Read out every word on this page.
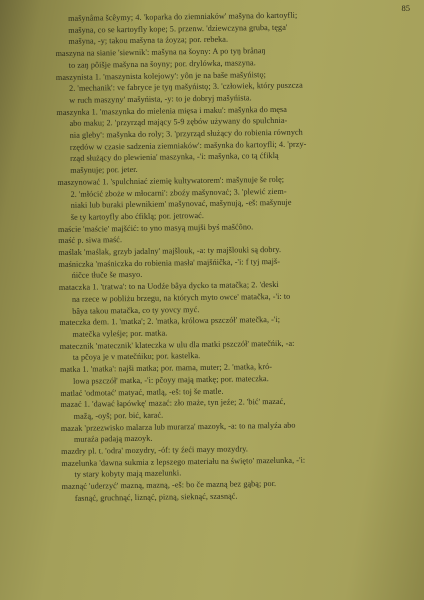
85
mašynåma šcêymy; 4. 'koparka do ziemniaków' mašyna do kartoyfli;
mašyna, co se kartoyfly kope; 5. przenw. 'dziewczyna gruba, tęga'
mašyna, -y; takou mašyna ta źoyza; por. rebeka.
maszyna na sianie 'siewnik': mašyna na šoyny: A po tyŋ brånaŋ
to zaŋ pôišje mašyna na šoyny; por. drylówka, maszyna.
maszynista 1. 'maszynista kolejowy': yôn je na baše mašyńistǫ;
2. 'mechanik': ve fabryce je tyŋ mašyńistǫ; 3. 'człowiek, który puszcza
w ruch maszyny' mašyńista, -y: to je dobryj mašyńista.
maszynka 1. 'maszynka do mielenia mięsa i maku': mašynka do męsa
abo maku; 2. 'przyrząd mający 5-9 zębów używany do spulchnia-
nia gleby': mašynka do roly; 3. 'przyrząd służący do robienia równych
rzędów w czasie sadzenia ziemniaków': mašynka do kartoyfli; 4. 'przy-
rząd służący do plewienia' maszynka, -'i: mašynka, co tą ćfiklą
mašynuje; por. jeter.
maszynować 1. 'spulchniać ziemię kultywatorem': mašynuje še rolę;
2. 'młócić zboże w młocarni': zboźy mašynovać; 3. 'plewić ziem-
niaki lub buraki plewnikiem' mašynovać, mašynują, -eš: mašynuje
še ty kartoyfly abo ćfiklą; por. jetrować.
maście 'maście' majšćić: to yno masyą mujši byś mašćôno.
maść p. siwa maść.
maślak 'maślak, grzyb jadalny' majšlouk, -a: ty majšlouki są dobry.
maśniczka 'maśniczka do robienia masła' majšńička, -'i: f tyj majš-
ńičce tłuče še masyo.
mataczka 1. 'tratwa': to na Uodźe bâya dycko ta matačka; 2. 'deski
na rzece w pobliżu brzegu, na których myto owce' matačka, -'i: to
bâya takou matačka, co ty yovcy myć.
mateczka dem. 1. 'matka'; 2. 'matka, królowa pszczół' matečka, -'i;
matečka vyleśje; por. matka.
matecznik 'matecznik' klateczka w ulu dla matki pszczół' matečńik, -a:
ta pčoya je v matečńiku; por. kastelka.
matka 1. 'matka': najši matka; por. mama, muter; 2. 'matka, kró-
lowa pszczół' matka, -'i: pčoyy mają matkę; por. mateczka.
matlać 'odmotać' matyać, matlą, -eš: toj še matle.
mazać 1. 'dawać łapówkę' mazać: zło maże, tyn jeźe; 2. 'bić' mazać,
mažą, -oyš; por. bić, karać.
mazak 'przezwisko malarza lub murarza' mazoyk, -a: to na malyźa abo
muraźa padają mazoyk.
mazdry pl. t. 'odra' mozydry, -óf: ty źeći mayy mozydry.
mazelunka 'dawna sukmia z lepszego materiału na święto' mazelunka, -'i:
ty stary kobyty mają mazelunki.
maznąć 'uderzyć' mazną, mazną, -eš: bo če mazną bez gąbą; por.
fasnąć, gruchnąć, liznąć, pizną, sieknąć, szasnąć.
